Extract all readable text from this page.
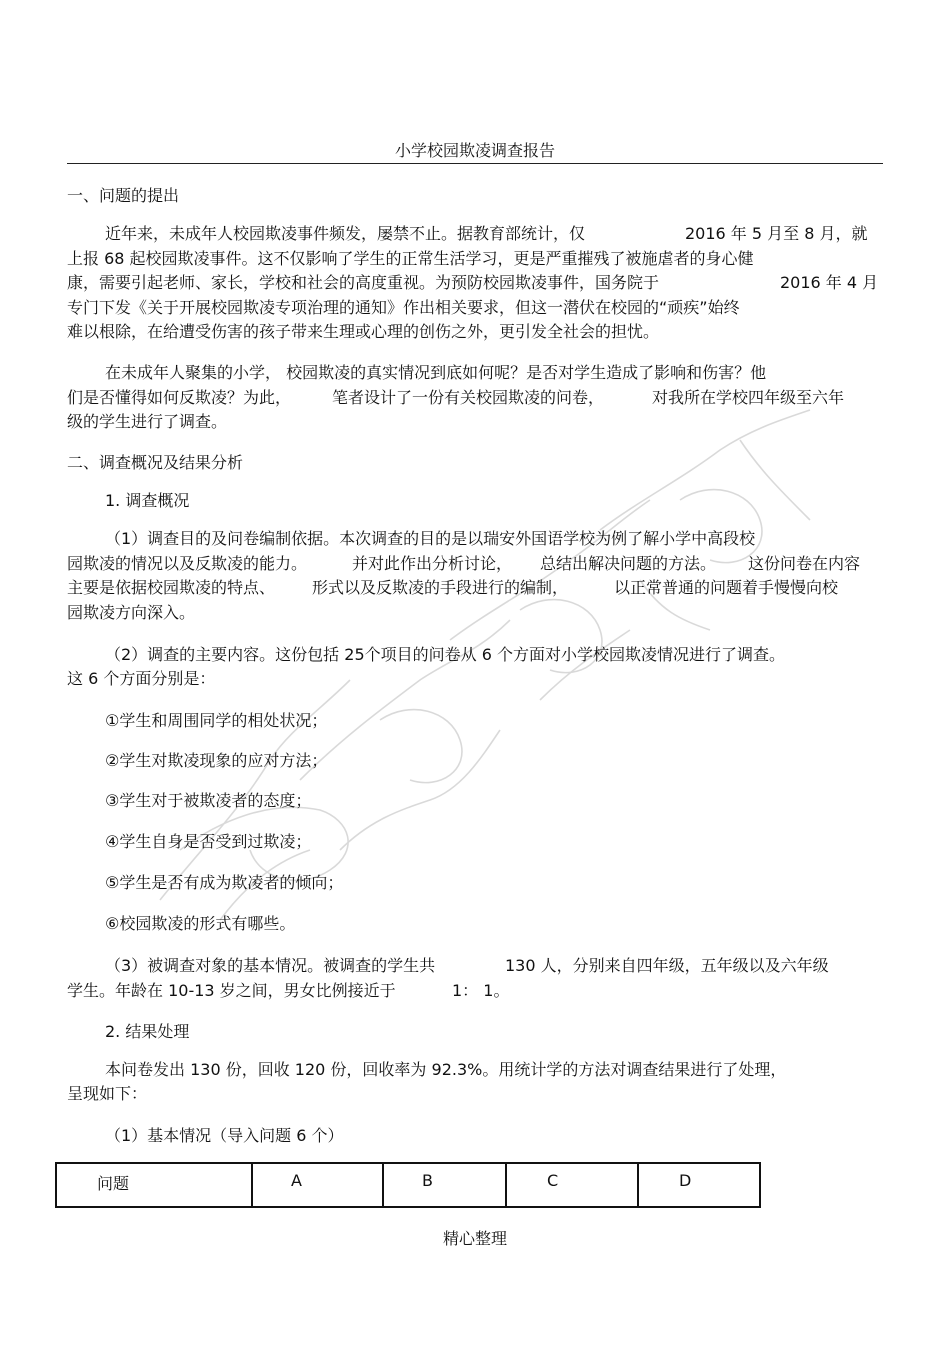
小学校园欺凌调查报告
一、问题的提出
近年来，未成年人校园欺凌事件频发，屡禁不止。据教育部统计，仅	2016 年 5 月至 8 月，就
上报 68 起校园欺凌事件。这不仅影响了学生的正常生活学习，更是严重摧残了被施虐者的身心健
康，需要引起老师、家长，学校和社会的高度重视。为预防校园欺凌事件，国务院于	2016 年 4 月
专门下发《关于开展校园欺凌专项治理的通知》作出相关要求，但这一潜伏在校园的“顽疾”始终
难以根除，在给遭受伤害的孩子带来生理或心理的创伤之外，更引发全社会的担忧。
在未成年人聚集的小学， 校园欺凌的真实情况到底如何呢？是否对学生造成了影响和伤害？他
们是否懂得如何反欺凌？为此，	笔者设计了一份有关校园欺凌的问卷，	对我所在学校四年级至六年
级的学生进行了调查。
二、调查概况及结果分析
1. 调查概况
（1）调查目的及问卷编制依据。本次调查的目的是以瑞安外国语学校为例了解小学中高段校
园欺凌的情况以及反欺凌的能力。	并对此作出分析讨论， 总结出解决问题的方法。 这份问卷在内容
主要是依据校园欺凌的特点、 形式以及反欺凌的手段进行的编制，	以正常普通的问题着手慢慢向校
园欺凌方向深入。
（2）调查的主要内容。这份包括 25个项目的问卷从 6 个方面对小学校园欺凌情况进行了调查。
这 6 个方面分别是：
①学生和周围同学的相处状况；
②学生对欺凌现象的应对方法；
③学生对于被欺凌者的态度；
④学生自身是否受到过欺凌；
⑤学生是否有成为欺凌者的倾向；
⑥校园欺凌的形式有哪些。
（3）被调查对象的基本情况。被调查的学生共	130 人，分别来自四年级，五年级以及六年级
学生。年龄在 10-13 岁之间，男女比例接近于	1： 1。
2. 结果处理
本问卷发出 130 份，回收 120 份，回收率为 92.3%。用统计学的方法对调查结果进行了处理，
呈现如下：
（1）基本情况（导入问题 6 个）
问题	A	B	C	D
精心整理
